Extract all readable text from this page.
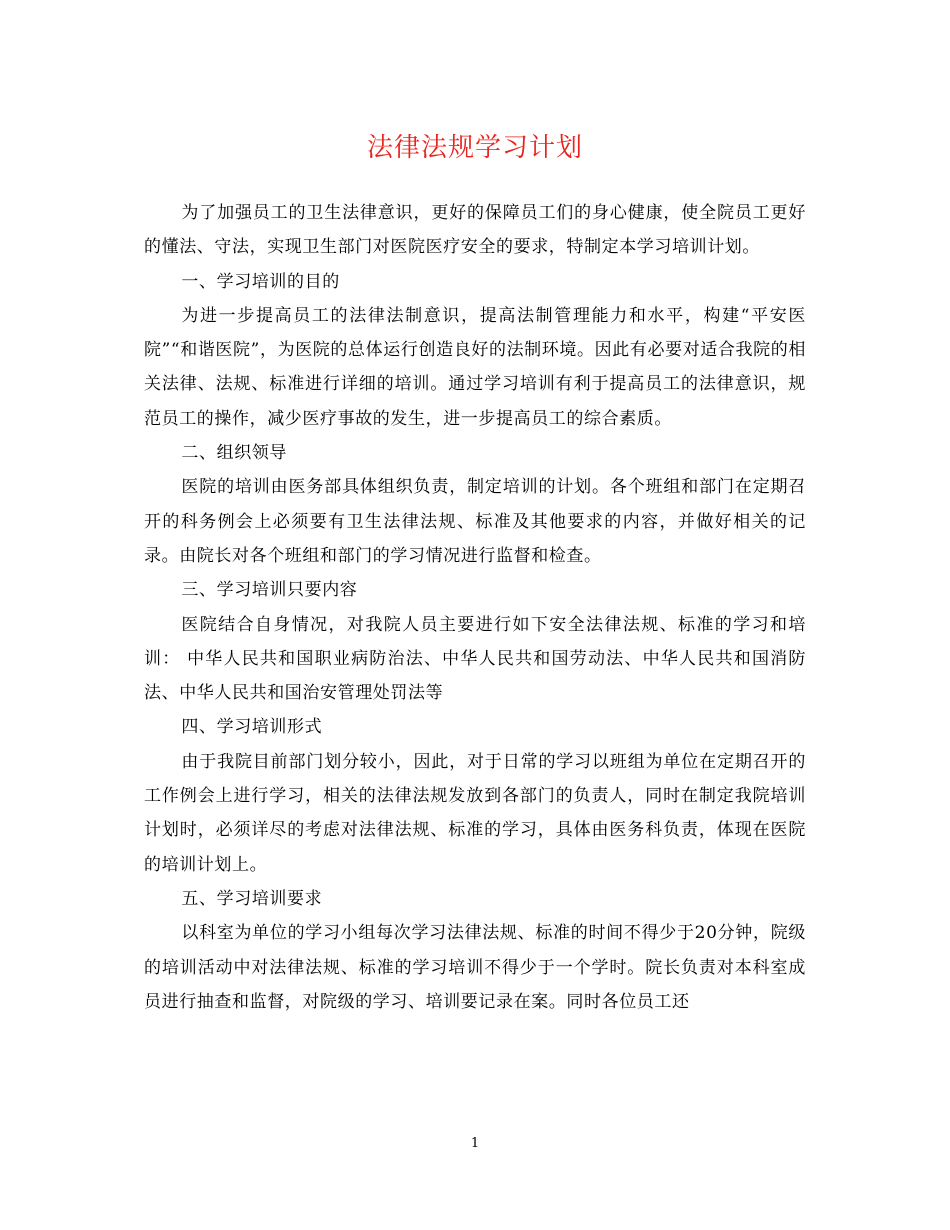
法律法规学习计划

为了加强员工的卫生法律意识，更好的保障员工们的身心健康，使全院员工更好的懂法、守法，实现卫生部门对医院医疗安全的要求，特制定本学习培训计划。

一、学习培训的目的

为进一步提高员工的法律法制意识，提高法制管理能力和水平，构建“平安医院”“和谐医院”，为医院的总体运行创造良好的法制环境。因此有必要对适合我院的相关法律、法规、标准进行详细的培训。通过学习培训有利于提高员工的法律意识，规范员工的操作，减少医疗事故的发生，进一步提高员工的综合素质。

二、组织领导

医院的培训由医务部具体组织负责，制定培训的计划。各个班组和部门在定期召开的科务例会上必须要有卫生法律法规、标准及其他要求的内容，并做好相关的记录。由院长对各个班组和部门的学习情况进行监督和检查。

三、学习培训只要内容

医院结合自身情况，对我院人员主要进行如下安全法律法规、标准的学习和培训： 中华人民共和国职业病防治法、中华人民共和国劳动法、中华人民共和国消防法、中华人民共和国治安管理处罚法等

四、学习培训形式

由于我院目前部门划分较小，因此，对于日常的学习以班组为单位在定期召开的工作例会上进行学习，相关的法律法规发放到各部门的负责人，同时在制定我院培训计划时，必须详尽的考虑对法律法规、标准的学习，具体由医务科负责，体现在医院的培训计划上。

五、学习培训要求

以科室为单位的学习小组每次学习法律法规、标准的时间不得少于20分钟，院级的培训活动中对法律法规、标准的学习培训不得少于一个学时。院长负责对本科室成员进行抽查和监督，对院级的学习、培训要记录在案。同时各位员工还

1
